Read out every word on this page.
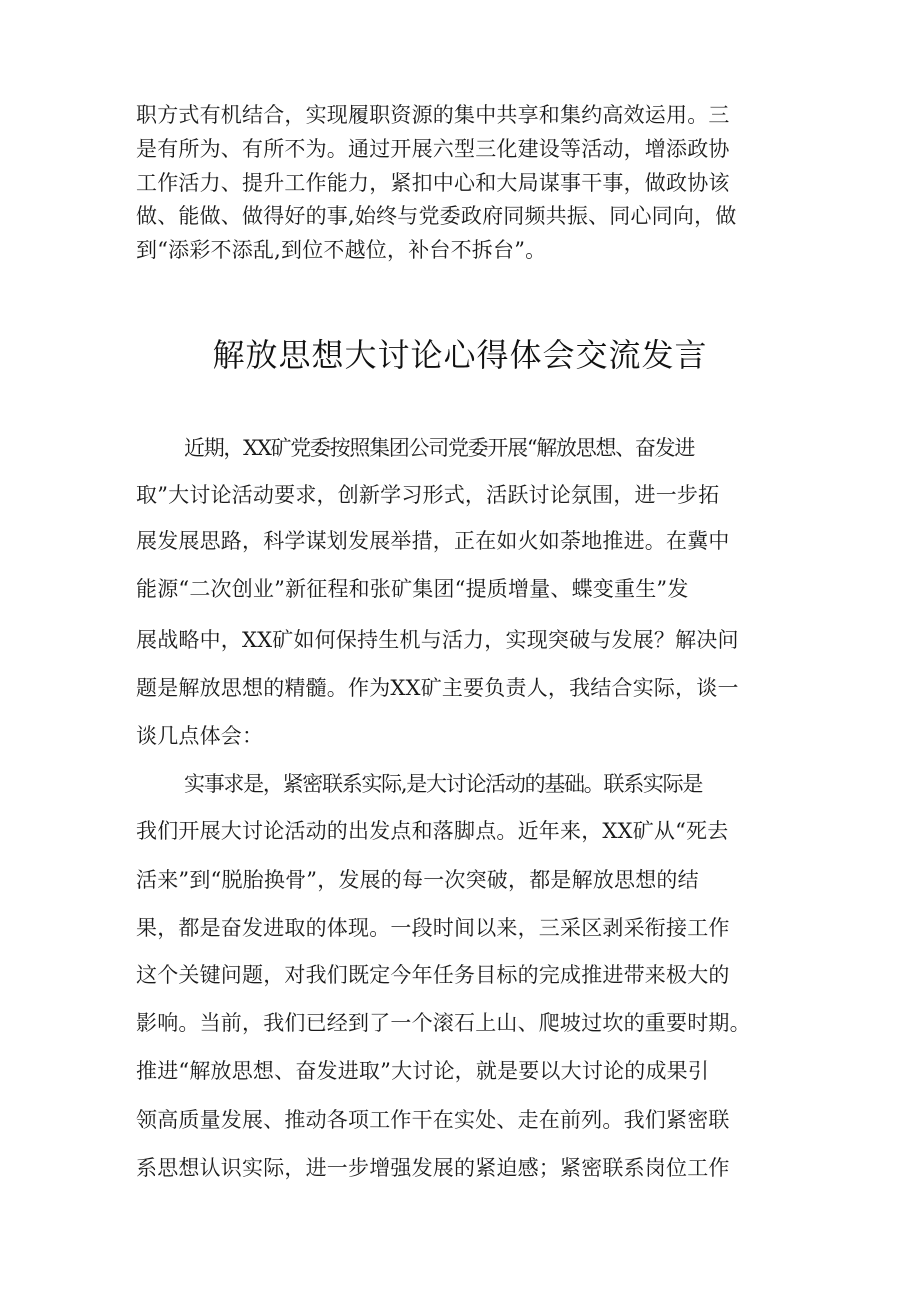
职方式有机结合，实现履职资源的集中共享和集约高效运用。三
是有所为、有所不为。通过开展六型三化建设等活动，增添政协
工作活力、提升工作能力，紧扣中心和大局谋事干事，做政协该
做、能做、做得好的事,始终与党委政府同频共振、同心同向，做
到“添彩不添乱,到位不越位，补台不拆台”。
解放思想大讨论心得体会交流发言
近期，XX矿党委按照集团公司党委开展“解放思想、奋发进
取”大讨论活动要求，创新学习形式，活跃讨论氛围，进一步拓
展发展思路，科学谋划发展举措，正在如火如荼地推进。在冀中
能源“二次创业”新征程和张矿集团“提质增量、蝶变重生”发
展战略中，XX矿如何保持生机与活力，实现突破与发展？解决问
题是解放思想的精髓。作为XX矿主要负责人，我结合实际，谈一
谈几点体会：
实事求是，紧密联系实际,是大讨论活动的基础。联系实际是
我们开展大讨论活动的出发点和落脚点。近年来，XX矿从“死去
活来”到“脱胎换骨”，发展的每一次突破，都是解放思想的结
果，都是奋发进取的体现。一段时间以来，三采区剥采衔接工作
这个关键问题，对我们既定今年任务目标的完成推进带来极大的
影响。当前，我们已经到了一个滚石上山、爬坡过坎的重要时期。
推进“解放思想、奋发进取”大讨论，就是要以大讨论的成果引
领高质量发展、推动各项工作干在实处、走在前列。我们紧密联
系思想认识实际，进一步增强发展的紧迫感；紧密联系岗位工作
